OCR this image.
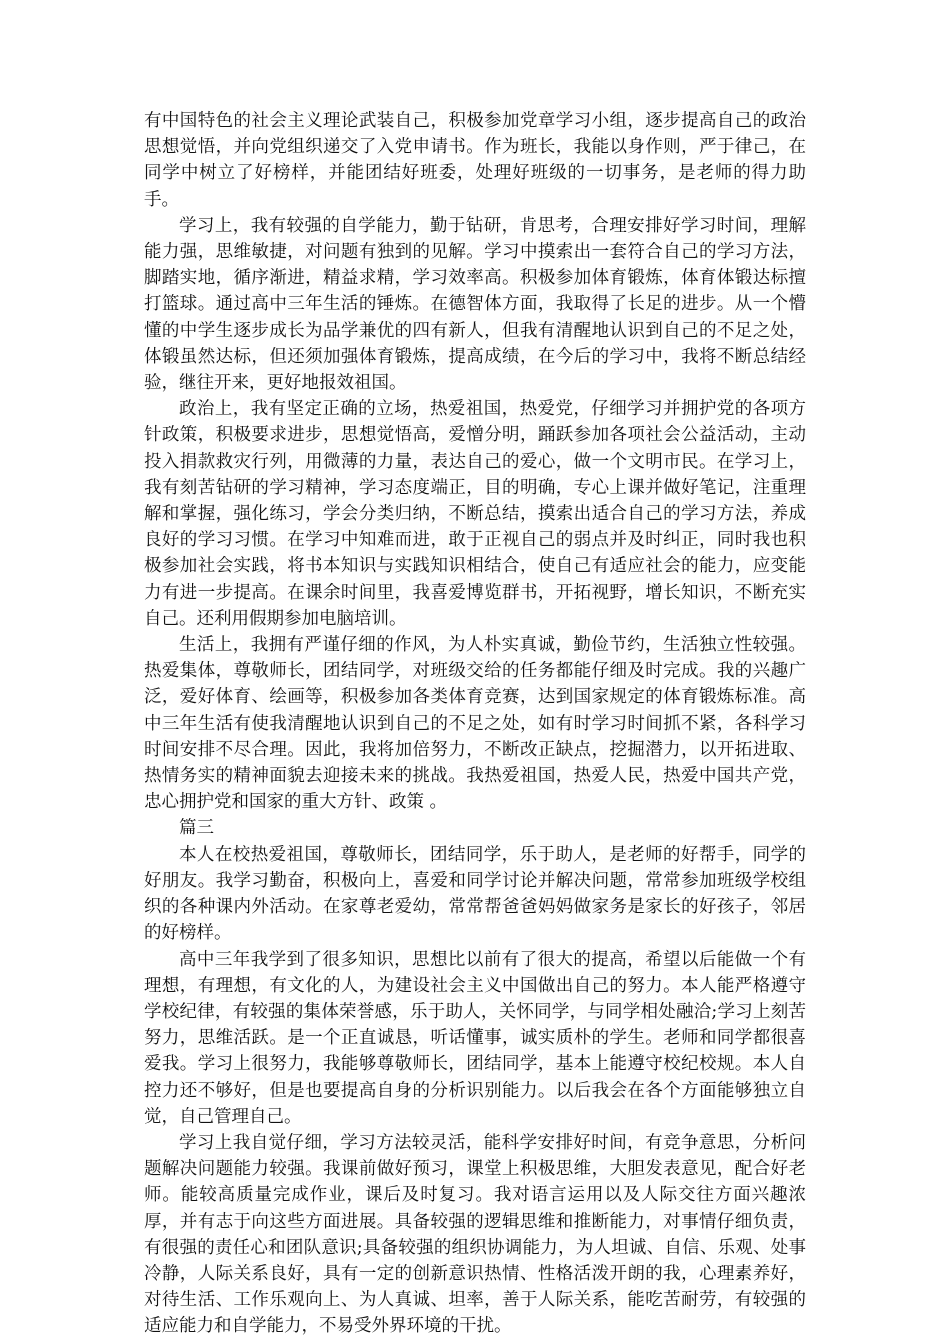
有中国特色的社会主义理论武装自己，积极参加党章学习小组，逐步提高自己的政治思想觉悟，并向党组织递交了入党申请书。作为班长，我能以身作则，严于律己，在同学中树立了好榜样，并能团结好班委，处理好班级的一切事务，是老师的得力助手。

学习上，我有较强的自学能力，勤于钻研，肯思考，合理安排好学习时间，理解能力强，思维敏捷，对问题有独到的见解。学习中摸索出一套符合自己的学习方法，脚踏实地，循序渐进，精益求精，学习效率高。积极参加体育锻炼，体育体锻达标擅打篮球。通过高中三年生活的锤炼。在德智体方面，我取得了长足的进步。从一个懵懂的中学生逐步成长为品学兼优的四有新人，但我有清醒地认识到自己的不足之处，体锻虽然达标，但还须加强体育锻炼，提高成绩，在今后的学习中，我将不断总结经验，继往开来，更好地报效祖国。

政治上，我有坚定正确的立场，热爱祖国，热爱党，仔细学习并拥护党的各项方针政策，积极要求进步，思想觉悟高，爱憎分明，踊跃参加各项社会公益活动，主动投入捐款救灾行列，用微薄的力量，表达自己的爱心，做一个文明市民。在学习上，我有刻苦钻研的学习精神，学习态度端正，目的明确，专心上课并做好笔记，注重理解和掌握，强化练习，学会分类归纳，不断总结，摸索出适合自己的学习方法，养成良好的学习习惯。在学习中知难而进，敢于正视自己的弱点并及时纠正，同时我也积极参加社会实践，将书本知识与实践知识相结合，使自己有适应社会的能力，应变能力有进一步提高。在课余时间里，我喜爱博览群书，开拓视野，增长知识，不断充实自己。还利用假期参加电脑培训。

生活上，我拥有严谨仔细的作风，为人朴实真诚，勤俭节约，生活独立性较强。热爱集体，尊敬师长，团结同学，对班级交给的任务都能仔细及时完成。我的兴趣广泛，爱好体育、绘画等，积极参加各类体育竞赛，达到国家规定的体育锻炼标准。高中三年生活有使我清醒地认识到自己的不足之处，如有时学习时间抓不紧，各科学习时间安排不尽合理。因此，我将加倍努力，不断改正缺点，挖掘潜力，以开拓进取、热情务实的精神面貌去迎接未来的挑战。我热爱祖国，热爱人民，热爱中国共产党，忠心拥护党和国家的重大方针、政策 。

篇三

本人在校热爱祖国，尊敬师长，团结同学，乐于助人，是老师的好帮手，同学的好朋友。我学习勤奋，积极向上，喜爱和同学讨论并解决问题，常常参加班级学校组织的各种课内外活动。在家尊老爱幼，常常帮爸爸妈妈做家务是家长的好孩子，邻居的好榜样。

高中三年我学到了很多知识，思想比以前有了很大的提高，希望以后能做一个有理想，有理想，有文化的人，为建设社会主义中国做出自己的努力。本人能严格遵守学校纪律，有较强的集体荣誉感，乐于助人，关怀同学，与同学相处融洽;学习上刻苦努力，思维活跃。是一个正直诚恳，听话懂事，诚实质朴的学生。老师和同学都很喜爱我。学习上很努力，我能够尊敬师长，团结同学，基本上能遵守校纪校规。本人自控力还不够好，但是也要提高自身的分析识别能力。以后我会在各个方面能够独立自觉，自己管理自己。

学习上我自觉仔细，学习方法较灵活，能科学安排好时间，有竞争意思，分析问题解决问题能力较强。我课前做好预习，课堂上积极思维，大胆发表意见，配合好老师。能较高质量完成作业，课后及时复习。我对语言运用以及人际交往方面兴趣浓厚，并有志于向这些方面进展。具备较强的逻辑思维和推断能力，对事情仔细负责，有很强的责任心和团队意识;具备较强的组织协调能力，为人坦诚、自信、乐观、处事冷静，人际关系良好，具有一定的创新意识热情、性格活泼开朗的我，心理素养好，对待生活、工作乐观向上、为人真诚、坦率，善于人际关系，能吃苦耐劳，有较强的适应能力和自学能力，不易受外界环境的干扰。
